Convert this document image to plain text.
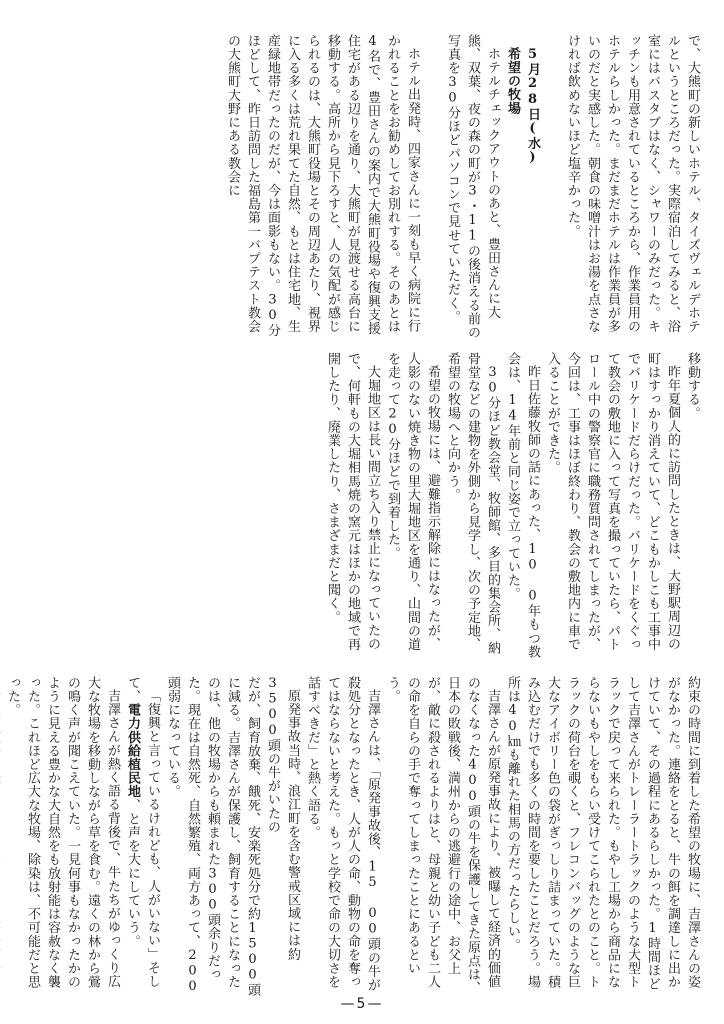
で、大熊町の新しいホテル、タイズヴェルデホテルというところだった。実際宿泊してみると、浴室にはバスタブはなく、シャワーのみだった。キッチンも用意されているところから、作業員用のホテルらしかった。まだまだホテルは作業員が多いのだと実感した。朝食の味噌汁はお湯を点さなければ飲めないほど塩辛かった。

5月28日(水)

希望の牧場

ホテルチェックアウトのあと、豊田さんに大熊、双葉、夜の森の町が3・11の後消える前の写真を30分ほどパソコンで見せていただく。

ホテル出発時、四家さんに一刻も早く病院に行かれることをお勧めしてお別れする。そのあとは4名で、豊田さんの案内で大熊町役場や復興支援住宅がある辺りを通り、大熊町が見渡せる高台に移動する。高所から見下ろすと、人の気配が感じられるのは、大熊町役場とその周辺あたり、視界に入る多くは荒れ果てた自然、もとは住宅地、生産緑地帯だったのだが、今は面影もない。30分ほどして、昨日訪問した福島第一バプテスト教会の大熊町大野にある教会に

移動する。

昨年夏個人的に訪問したときは、大野駅周辺の町はすっかり消えていて、どこもかしこも工事中でバリケードだらけだった。バリケードをくぐって教会の敷地に入って写真を撮っていたら、パトロール中の警察官に職務質問されてしまったが、今回は、工事はほぼ終わり、教会の敷地内に車で入ることができた。

昨日佐藤牧師の話にあった、10 0年もつ教会は、14年前と同じ姿で立っていた。

30分ほど教会堂、牧師館、多目的集会所、納骨堂などの建物を外側から見学し、次の予定地、希望の牧場へと向かう。

希望の牧場には、避難指示解除にはなったが、人影のない焼き物の里大堀地区を通り、山間の道を走って20分ほどで到着した。

大堀地区は長い間立ち入り禁止になっていたので、何軒もの大堀相馬焼の窯元はほかの地域で再開したり、廃業したり、さまざまだと聞く。

約束の時間に到着した希望の牧場に、吉澤さんの姿がなかった。連絡をとると、牛の餌を調達しに出かけていて、その過程にあるらしかった。1時間ほどして吉澤さんがトレーラートラックのような大型トラックで戻って来られた。もやし工場から商品にならないもやしをもらい受けてこられたとのこと。トラックの荷台を覗くと、フレコンバッグのような巨大なアイボリー色の袋がぎっしり詰まっていた。積み込むだけでも多くの時間を要したことだろう。場所は40㎞も離れた相馬の方だったらしい。

吉澤さんが原発事故により、被曝して経済的価値のなくなった400頭の牛を保護してきた原点は、日本の敗戦後、満州からの逃避行の途中、お父上が、敵に殺されるよりはと、母親と幼い子ども二人の命を自らの手で奪ってしまったことにあるという。

吉澤さんは、「原発事故後、15 00頭の牛が殺処分となったとき、人が人の命、動物の命を奪ってはならないと考えた。もっと学校で命の大切さを話すべきだ」と熱く語る。

原発事故当時、浪江町を含む警戒区域には約3500頭の牛がいたの

だが、飼育放棄、餓死、安楽死処分で約1500頭に減る。吉澤さんが保護し、飼育することになったのは、他の牧場からも頼まれた300頭余りだった。現在は自然死、自然繁殖、両方あって、200頭弱になっている。

「復興と言っているけれども、人がいない」そして、電力供給植民地、と声を大にしていう。

吉澤さんが熱く語る背後で、牛たちがゆっくり広大な牧場を移動しながら草を食む。遠くの林から鶯の鳴く声が聞こえていた。一見何事もなかったかのように見える豊かな大自然をも放射能は容赦なく襲った。これほど広大な牧場、除染は、不可能だと思った。

—5—
